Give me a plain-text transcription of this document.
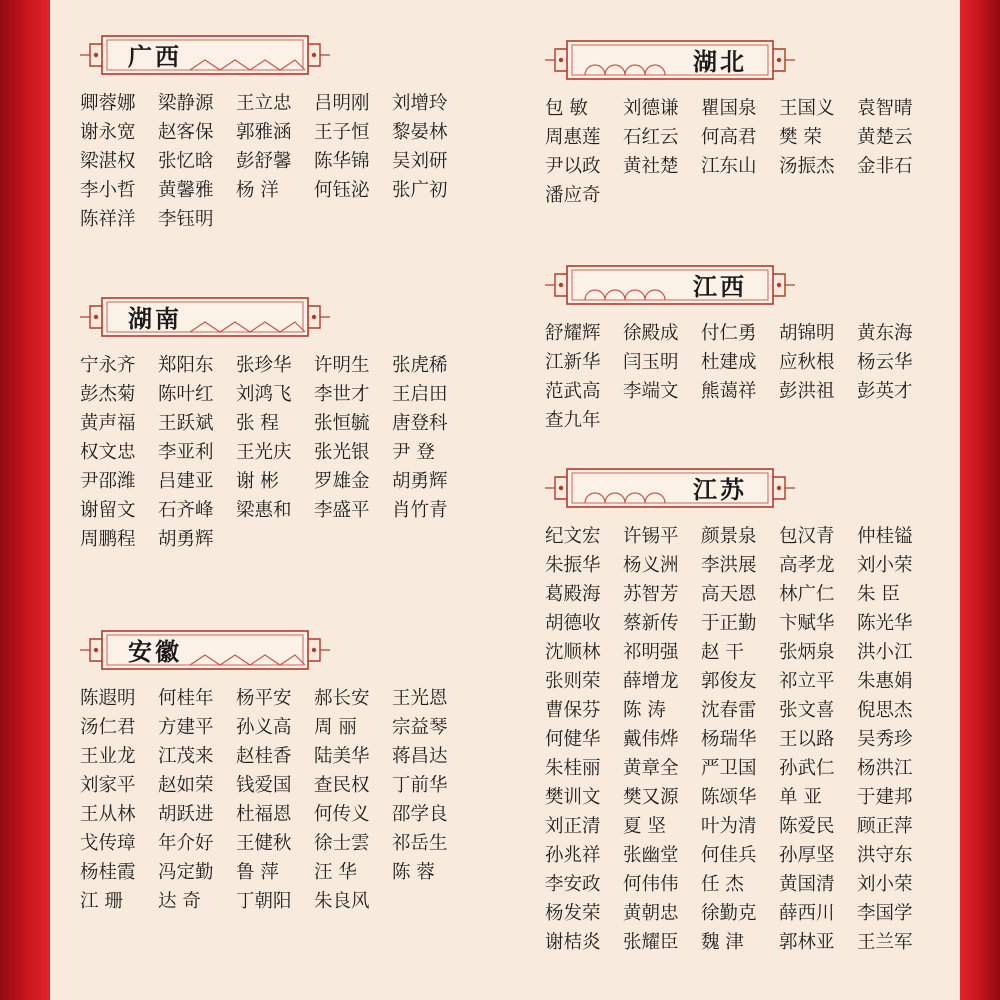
广西
卿蓉娜	梁静源	王立忠	吕明刚	刘增玲
谢永宽	赵客保	郭雅涵	王子恒	黎晏林
梁湛权	张忆晗	彭舒馨	陈华锦	吴刘研
李小哲	黄馨雅	杨 洋	何钰泌	张广初
陈祥洋	李钰明
湖南
宁永齐	郑阳东	张珍华	许明生	张虎稀
彭杰菊	陈叶红	刘鸿飞	李世才	王启田
黄声福	王跃斌	张 程	张恒毓	唐登科
权文忠	李亚利	王光庆	张光银	尹 登
尹邵潍	吕建亚	谢 彬	罗雄金	胡勇辉
谢留文	石齐峰	梁惠和	李盛平	肖竹青
周鹏程	胡勇辉
安徽
陈遐明	何桂年	杨平安	郝长安	王光恩
汤仁君	方建平	孙义高	周 丽	宗益琴
王业龙	江茂来	赵桂香	陆美华	蒋昌达
刘家平	赵如荣	钱爱国	查民权	丁前华
王从林	胡跃进	杜福恩	何传义	邵学良
戈传璋	年介好	王健秋	徐士雲	祁岳生
杨桂霞	冯定勤	鲁 萍	汪 华	陈 蓉
江 珊	达 奇	丁朝阳	朱良风
湖北
包 敏	刘德谦	瞿国泉	王国义	袁智晴
周惠莲	石红云	何高君	樊 荣	黄楚云
尹以政	黄社楚	江东山	汤振杰	金非石
潘应奇
江西
舒耀辉	徐殿成	付仁勇	胡锦明	黄东海
江新华	闫玉明	杜建成	应秋根	杨云华
范武高	李端文	熊蔼祥	彭洪祖	彭英才
查九年
江苏
纪文宏	许锡平	颜景泉	包汉青	仲桂镒
朱振华	杨义洲	李洪展	高孝龙	刘小荣
葛殿海	苏智芳	高天恩	林广仁	朱 臣
胡德收	蔡新传	于正勤	卞赋华	陈光华
沈顺林	祁明强	赵 干	张炳泉	洪小江
张则荣	薛增龙	郭俊友	祁立平	朱惠娟
曹保芬	陈 涛	沈春雷	张文喜	倪思杰
何健华	戴伟烨	杨瑞华	王以路	吴秀珍
朱桂丽	黄章全	严卫国	孙武仁	杨洪江
樊训文	樊又源	陈颂华	单 亚	于建邦
刘正清	夏 坚	叶为清	陈爱民	顾正萍
孙兆祥	张幽堂	何佳兵	孙厚坚	洪守东
李安政	何伟伟	任 杰	黄国清	刘小荣
杨发荣	黄朝忠	徐勤克	薛西川	李国学
谢桔炎	张耀臣	魏 津	郭林亚	王兰军
